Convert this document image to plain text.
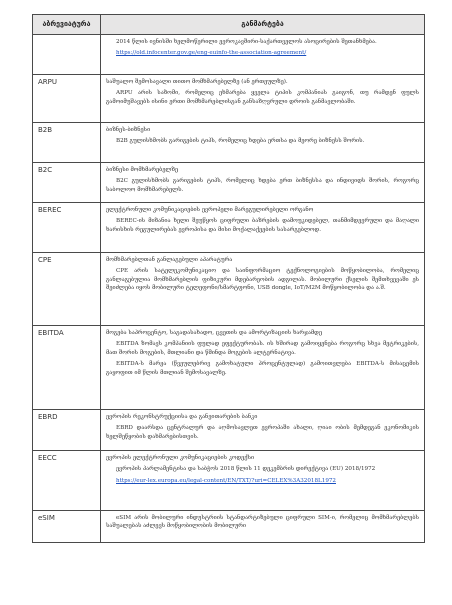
აბრევიატურა	განმარტება

	2014 წლის ივნისში ხელმოწერილი ევროკავშირი-საქართველოს ასოცირების შეთანხმება.

https://old.infocenter.gov.ge/eng-euinfo-the-association-agreement/

ARPU	საშუალო შემოსავალი თითო მომხმარებელზე (ან ერთეულზე).

ARPU არის საზომი, რომელიც ეხმარება ყველა ტიპის კომპანიას გაიგონ, თუ რამდენ ფულს გამოიმუშავებს ისინი ერთი მომხმარებლისგან განსაზღვრული დროის განმავლობაში.

B2B	ბიზნეს-ბიზნესი

B2B გულისხმობს გარიგების ტიპს, რომელიც ხდება ერთსა და მეორე ბიზნესს შორის.

B2C	ბიზნესი მომხმარებელზე

B2C გულისხმობს გარიგების ტიპს, რომელიც ხდება ერთ ბიზნესსა და ინდივიდს შორის, როგორც საბოლოო მომხმარებელს.

BEREC	ელექტრონული კომუნიკაციების ევროპელი მარეგულირებელი ორგანო

BEREC-ის მიზანია ხელი შეუწყოს ციფრული ბაზრების დამოუკიდებელ, თანმიმდევრული და მაღალი ხარისხის რეგულირებას ევროპისა და მისი მოქალაქეების სასარგებლოდ.

CPE	მომხმარებლთან განლაგებული აპარატურა

CPE არის სატელეკომუნიკაციო და საინფორმაციო ტექნოლოგიების მოწყობილობა, რომელიც განლაგებულია მომხმარებლის ფიზიკური მდებარეობის ადგილას. მობილური ქსელის შემთხვევაში ეს შეიძლება იყოს მობილური ტელეფონი/სმარტფონი, USB dongle, IoT/M2M მოწყობილობა და ა.შ.

EBITDA	მოგება საპროცენტო, საგადასახადო, ცვეთის და ამორტიზაციის ხარჯამდე

EBITDA ზომავს კომპანიის ფულად ეფექტურობას. ის ხშირად გამოიყენება როგორც სხვა მეტრიკების, მათ შორის მოგების, მთლიანი და წმინდა მოგების ალტერნატივა.

EBITDA-ს მარჟა (წვეულებრივ გამოხატული პროცენტულად) გამოითვლება EBITDA-ს მისაცემის გაყოფით იმ წლის მთლიან შემოსავალზე.

EBRD	ევროპის რეკონსტრუქციისა და განვითარების ბანკი

EBRD დაარსდა ცენტრალურ და აღმოსავლეთ ევროპაში ახალი, ღიაი ობის მემდეგან ეკონომიკის ხელშეწყობის დახმარებისთვის.

EECC	ევროპის ელექტრონული კომუნიკაციების კოდექსი

ევროპის პარლამენტისა და საბჭოს 2018 წლის 11 დეკემბრის დირექტივა (EU) 2018/1972

https://eur-lex.europa.eu/legal-content/EN/TXT/?uri=CELEX%3A32018L1972

eSIM	eSIM არის მობილური ინდუსტრიის სტანდარტიზებული ციფრული SIM-ი, რომელიც მომხმარებლებს საშუალებას აძლევს მოწყობილობის მობილური
